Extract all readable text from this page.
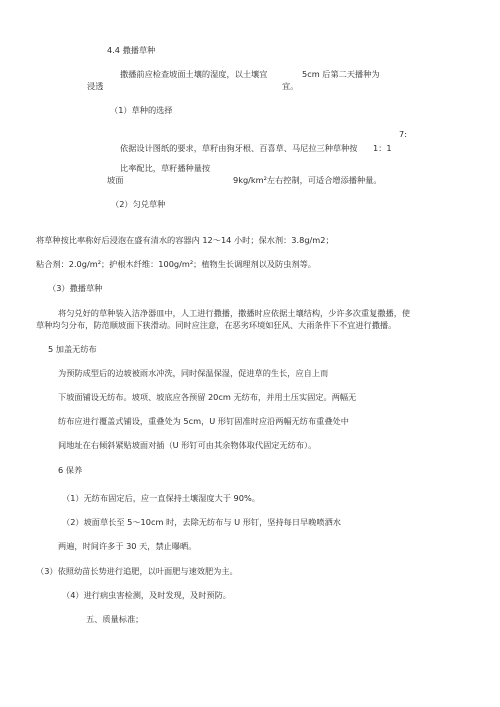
4.4 撒播草种
撒播前应检查坡面土壤的湿度，以土壤宜	5cm 后第二天播种为
浸透	宜。
（1）草种的选择
7:
依据设计图纸的要求，草籽由狗牙根、百喜草、马尼拉三种草种按 1：1
比率配比，草籽播种量按
坡面	9kg/km²左右控制，可适合增添播种量。
（2）匀兑草种
将草种按比率称好后浸泡在盛有清水的容器内 12～14 小时；保水剂：3.8g/m2；
粘合剂：2.0g/m²；护根木纤维：100g/m²；植物生长调理剂以及防虫剂等。
（3）撒播草种
将匀兑好的草种装入洁净器皿中，人工进行撒播，撒播时应依据土壤结构，少许多次重复撒播，使
草种均匀分布，防范顺坡面下狭滑动。同时应注意，在恶劣环境如狂风、大雨条件下不宜进行撒播。
5 加盖无纺布
为预防成型后的边坡被雨水冲洗，同时保温保湿，促进草的生长，应自上而
下坡面铺设无纺布。坡项、坡底应各预留 20cm 无纺布，并用土压实固定。两幅无
纺布应进行覆盖式铺设，重叠处为 5cm，U 形钉固准时应沿两幅无纺布重叠处中
间地址在右倾斜紧贴坡面对插（U 形钉可由其余物体取代固定无纺布）。
6 保养
（1）无纺布固定后，应一直保持土壤湿度大于 90%。
（2）坡面草长至 5～10cm 时，去除无纺布与 U 形钉，坚持每日早晚喷洒水
两遍，时间许多于 30 天，禁止曝晒。
（3）依照幼苗长势进行追肥，以叶面肥与速效肥为主。
（4）进行病虫害检测，及时发现，及时预防。
五、质量标准；
